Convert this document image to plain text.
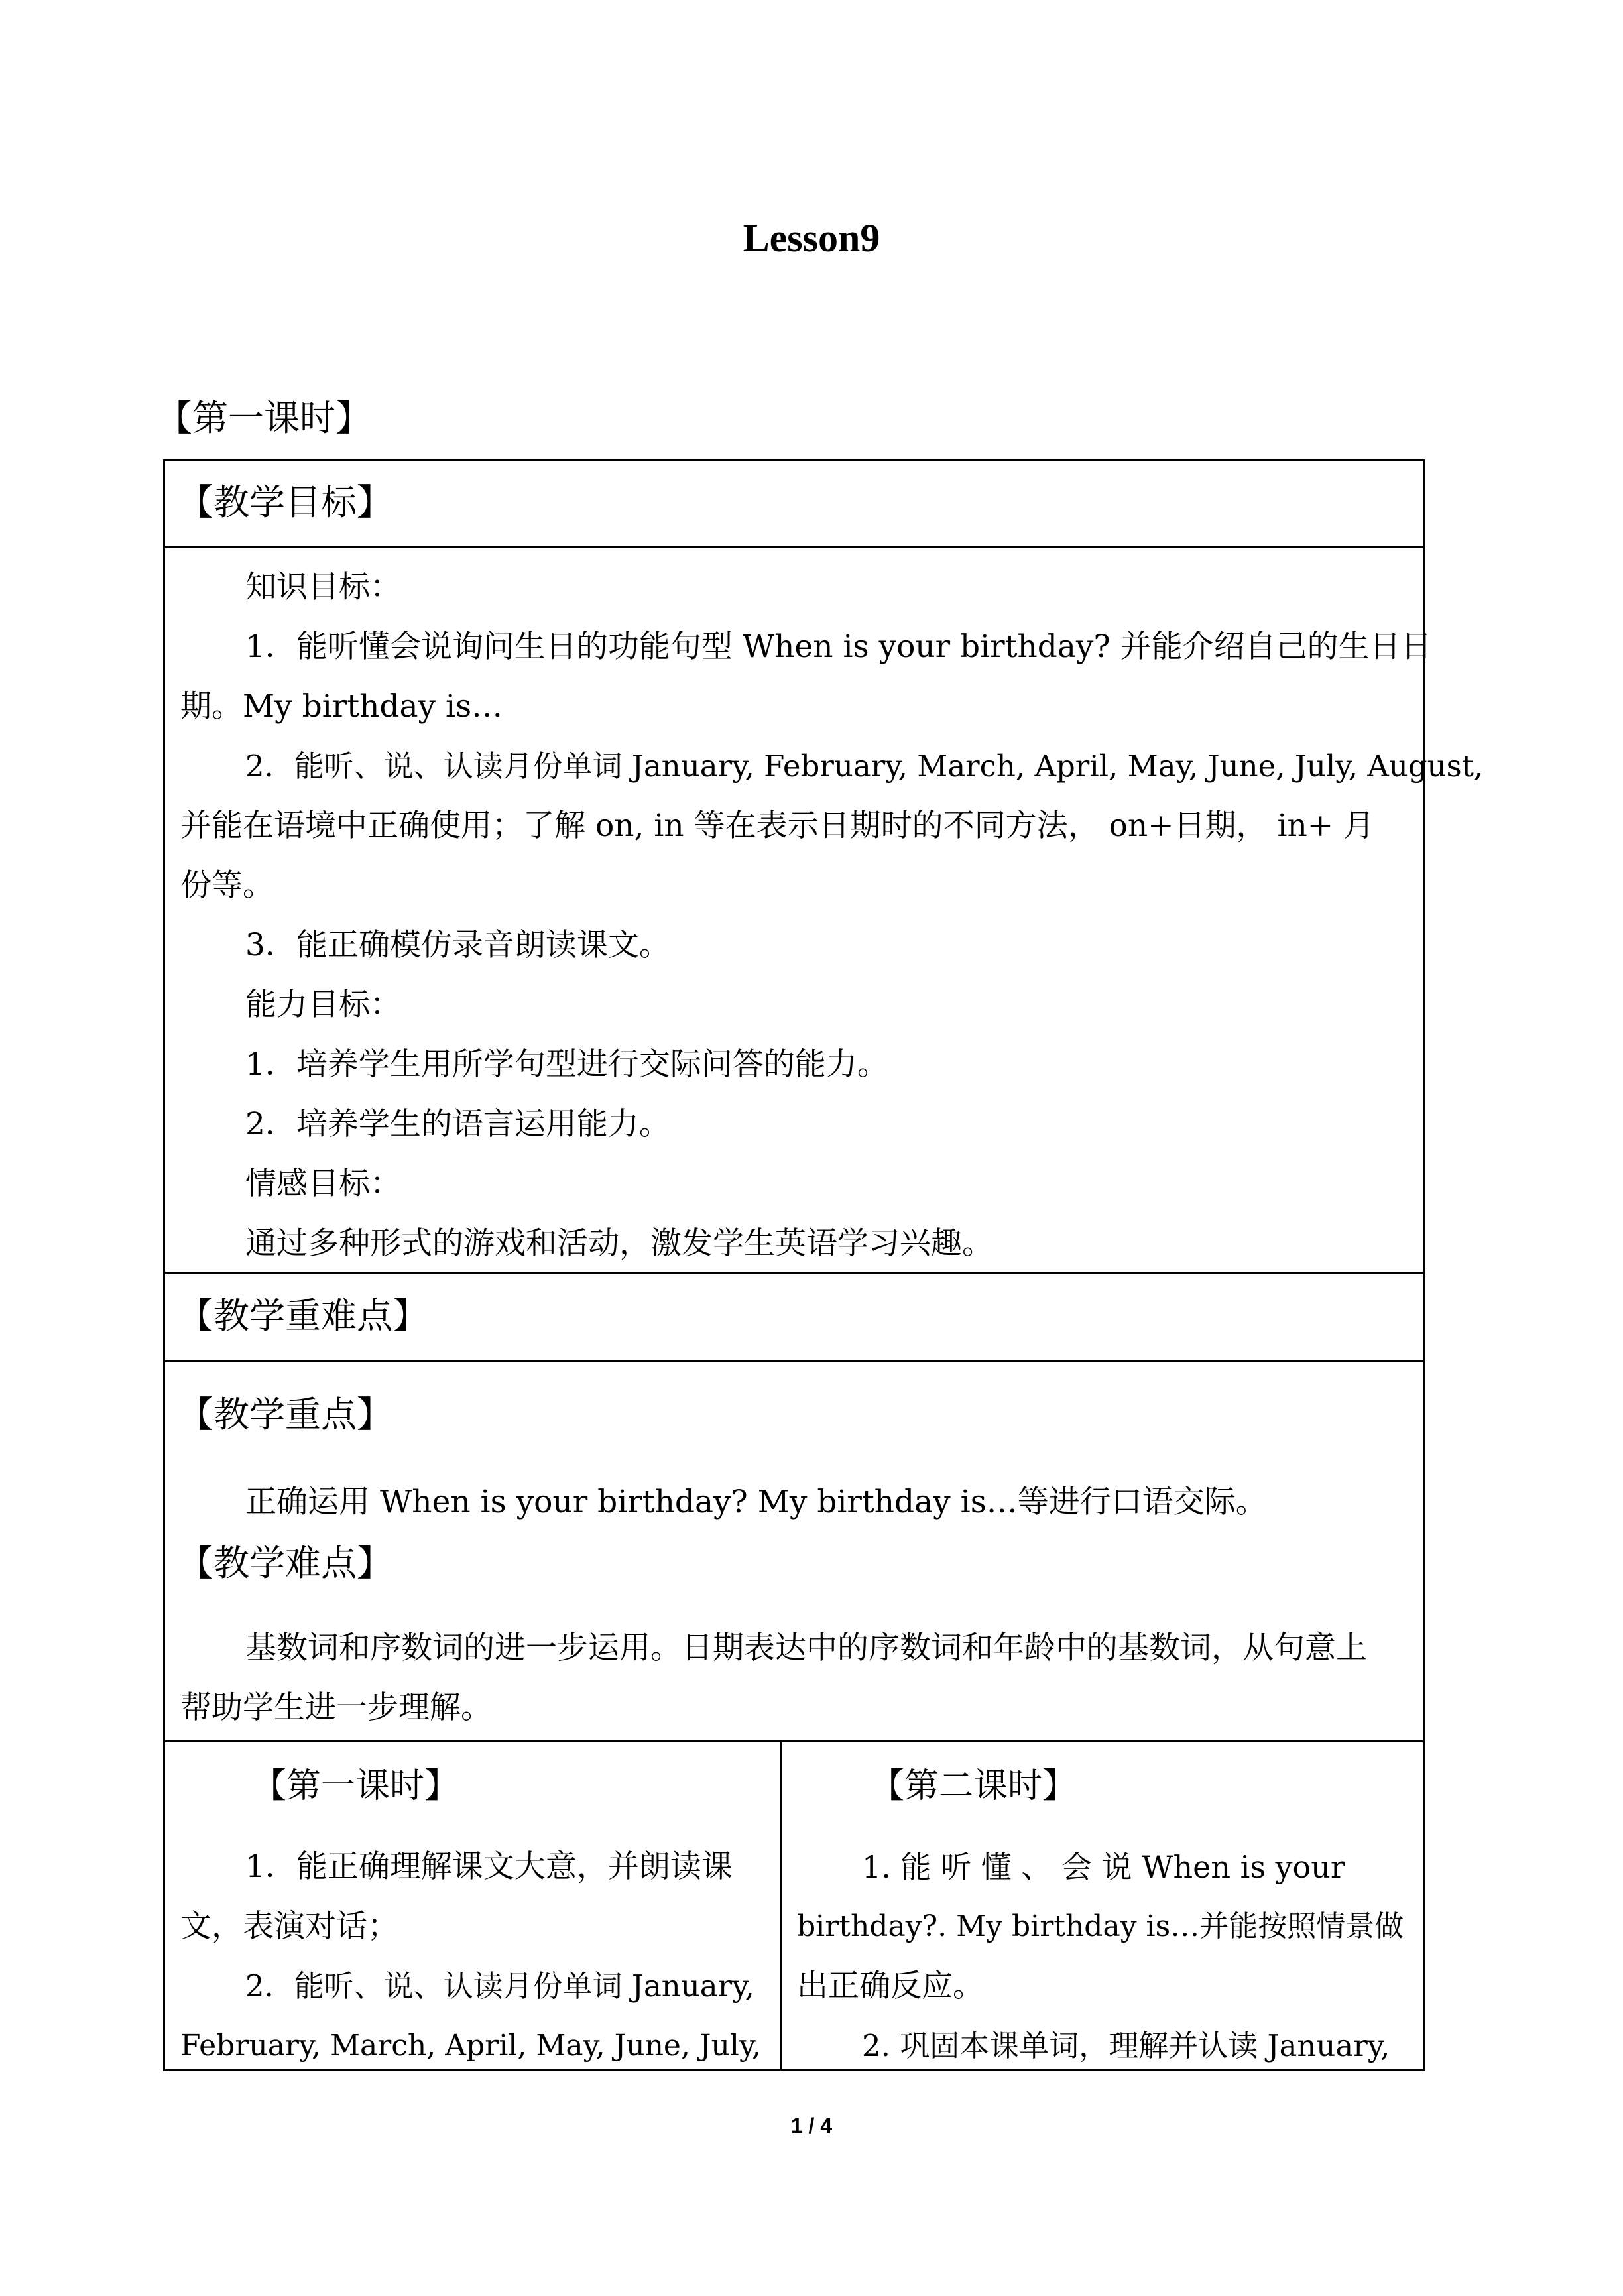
Lesson9
【第一课时】
【教学目标】
知识目标：
1．能听懂会说询问生日的功能句型 When is your birthday? 并能介绍自己的生日日
期。My birthday is…
2．能听、说、认读月份单词 January, February, March, April, May, June, July, August,
并能在语境中正确使用；了解 on, in 等在表示日期时的不同方法， on+日期， in+ 月
份等。
3．能正确模仿录音朗读课文。
能力目标：
1．培养学生用所学句型进行交际问答的能力。
2．培养学生的语言运用能力。
情感目标：
通过多种形式的游戏和活动，激发学生英语学习兴趣。
【教学重难点】
【教学重点】
正确运用 When is your birthday? My birthday is…等进行口语交际。
【教学难点】
基数词和序数词的进一步运用。日期表达中的序数词和年龄中的基数词，从句意上
帮助学生进一步理解。
【第一课时】
1．能正确理解课文大意，并朗读课
文，表演对话；
2．能听、说、认读月份单词 January,
February, March, April, May, June, July,
【第二课时】
1. 能 听 懂 、 会 说 When is your
birthday?. My birthday is…并能按照情景做
出正确反应。
2. 巩固本课单词，理解并认读 January,
1 / 4
